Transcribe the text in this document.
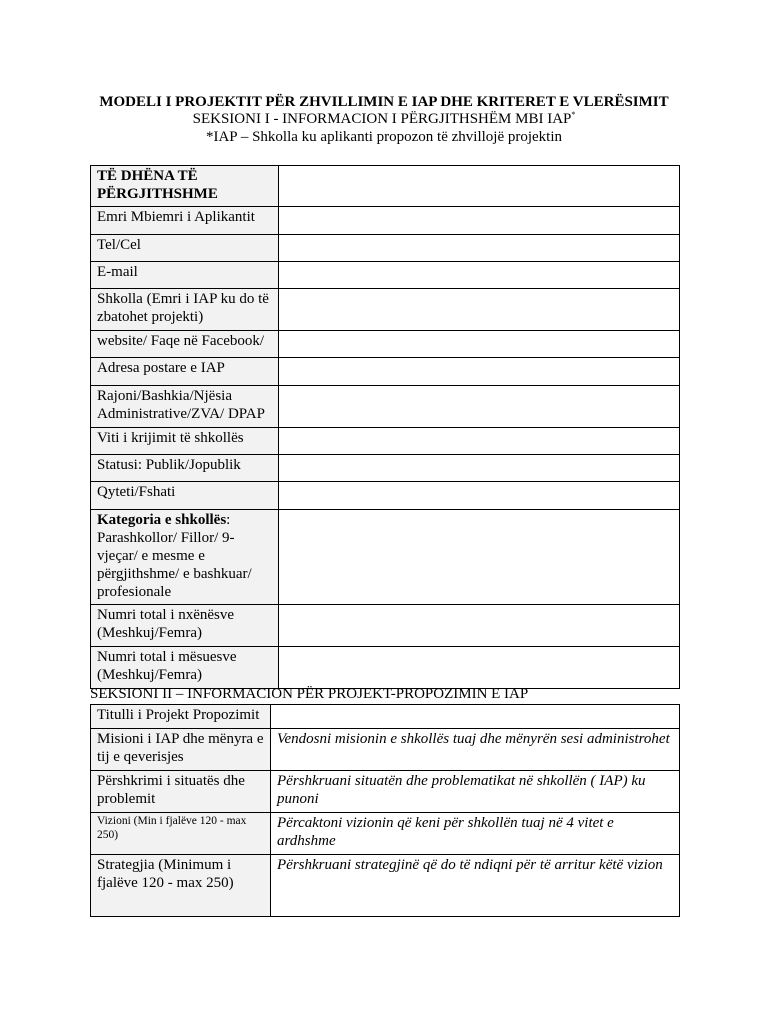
MODELI I PROJEKTIT PËR ZHVILLIMIN E IAP DHE KRITERET E VLERËSIMIT
SEKSIONI I - INFORMACION I PËRGJITHSHËM MBI IAP*
*IAP – Shkolla ku aplikanti propozon të zhvillojë projektin
TË DHËNA TË PËRGJITHSHME	
Emri Mbiemri i Aplikantit	
Tel/Cel	
E-mail	
Shkolla (Emri i IAP ku do të zbatohet projekti)	
website/ Faqe në Facebook/	
Adresa postare e IAP	
Rajoni/Bashkia/Njësia Administrative/ZVA/ DPAP	
Viti i krijimit të shkollës	
Statusi: Publik/Jopublik	
Qyteti/Fshati	
Kategoria e shkollës: Parashkollor/ Fillor/ 9-vjeçar/ e mesme e përgjithshme/ e bashkuar/ profesionale	
Numri total i nxënësve (Meshkuj/Femra)	
Numri total i mësuesve (Meshkuj/Femra)	
SEKSIONI II – INFORMACION PËR PROJEKT-PROPOZIMIN E IAP
Titulli i Projekt Propozimit	
Misioni i IAP dhe mënyra e tij e qeverisjes	Vendosni misionin e shkollës tuaj dhe mënyrën sesi administrohet
Përshkrimi i situatës dhe problemit	Përshkruani situatën dhe problematikat në shkollën ( IAP) ku punoni
Vizioni (Min i fjalëve 120 - max 250)	Përcaktoni vizionin që keni për shkollën tuaj në 4 vitet e ardhshme
Strategjia (Minimum i fjalëve 120 - max 250)	Përshkruani strategjinë që do të ndiqni për të arritur këtë vizion
